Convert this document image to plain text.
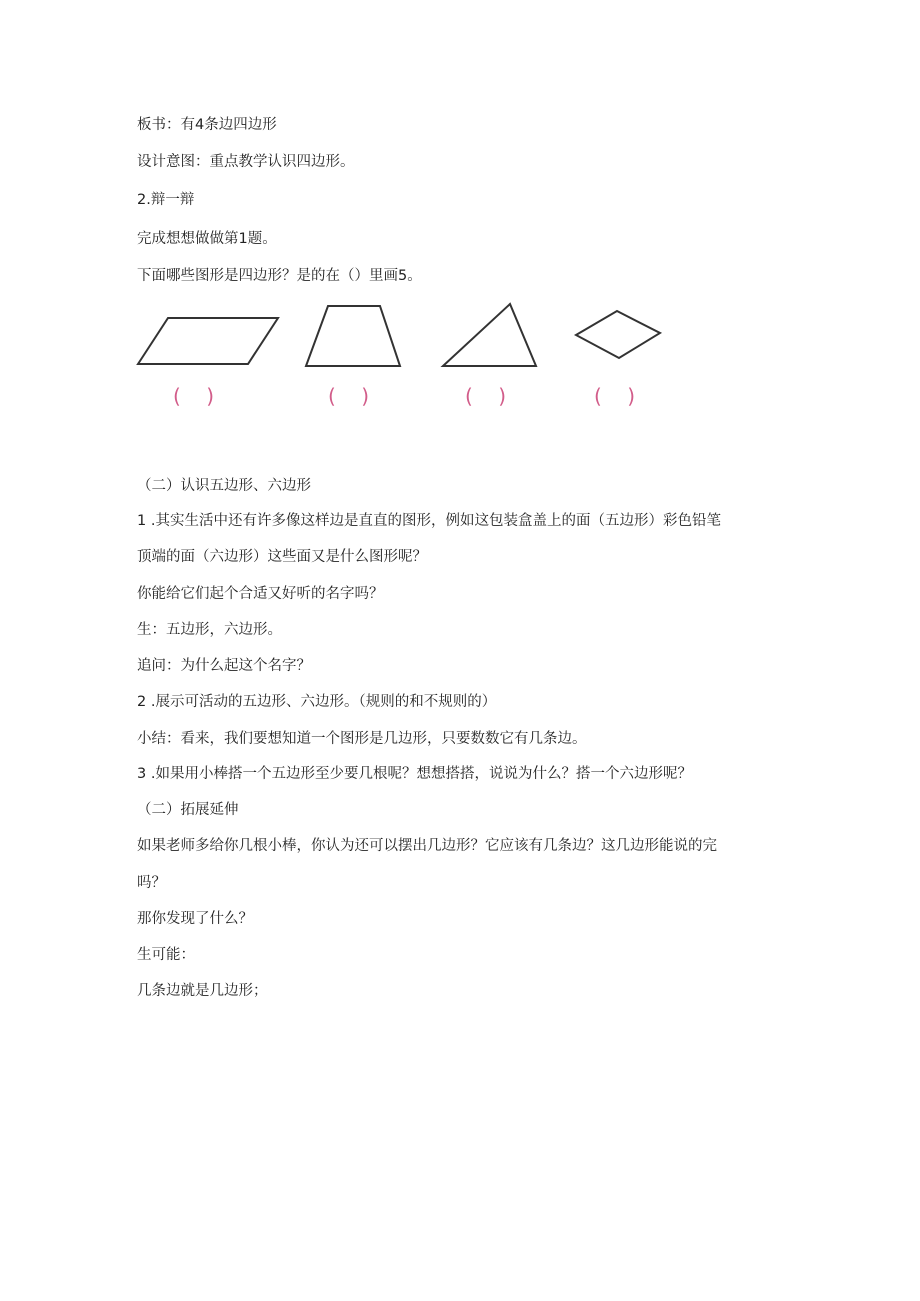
板书：有4条边四边形
设计意图：重点教学认识四边形。
2.辩一辩
完成想想做做第1题。
下面哪些图形是四边形？是的在（）里画5。
(    )	(    )	(    )	(    )
（二）认识五边形、六边形
1 .其实生活中还有许多像这样边是直直的图形，例如这包装盒盖上的面（五边形）彩色铅笔
顶端的面（六边形）这些面又是什么图形呢？
你能给它们起个合适又好听的名字吗？
生：五边形，六边形。
追问：为什么起这个名字？
2 .展示可活动的五边形、六边形。（规则的和不规则的）
小结：看来，我们要想知道一个图形是几边形，只要数数它有几条边。
3 .如果用小棒搭一个五边形至少要几根呢？想想搭搭，说说为什么？搭一个六边形呢？
（二）拓展延伸
如果老师多给你几根小棒，你认为还可以摆出几边形？它应该有几条边？这几边形能说的完
吗？
那你发现了什么？
生可能：
几条边就是几边形；
